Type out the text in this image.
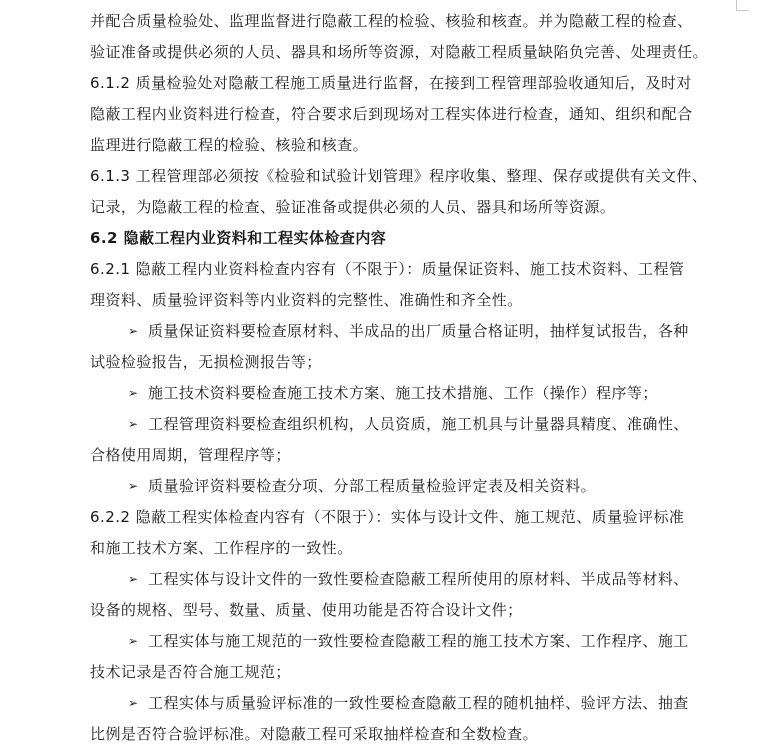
并配合质量检验处、监理监督进行隐蔽工程的检验、核验和核查。并为隐蔽工程的检查、
验证准备或提供必须的人员、器具和场所等资源，对隐蔽工程质量缺陷负完善、处理责任。
6.1.2 质量检验处对隐蔽工程施工质量进行监督，在接到工程管理部验收通知后，及时对
隐蔽工程内业资料进行检查，符合要求后到现场对工程实体进行检查，通知、组织和配合
监理进行隐蔽工程的检验、核验和核查。
6.1.3 工程管理部必须按《检验和试验计划管理》程序收集、整理、保存或提供有关文件、
记录，为隐蔽工程的检查、验证准备或提供必须的人员、器具和场所等资源。
6.2 隐蔽工程内业资料和工程实体检查内容
6.2.1 隐蔽工程内业资料检查内容有（不限于）：质量保证资料、施工技术资料、工程管
理资料、质量验评资料等内业资料的完整性、准确性和齐全性。
➢ 质量保证资料要检查原材料、半成品的出厂质量合格证明，抽样复试报告，各种
试验检验报告，无损检测报告等；
➢ 施工技术资料要检查施工技术方案、施工技术措施、工作（操作）程序等；
➢ 工程管理资料要检查组织机构，人员资质，施工机具与计量器具精度、准确性、
合格使用周期，管理程序等；
➢ 质量验评资料要检查分项、分部工程质量检验评定表及相关资料。
6.2.2 隐蔽工程实体检查内容有（不限于）：实体与设计文件、施工规范、质量验评标准
和施工技术方案、工作程序的一致性。
➢ 工程实体与设计文件的一致性要检查隐蔽工程所使用的原材料、半成品等材料、
设备的规格、型号、数量、质量、使用功能是否符合设计文件；
➢ 工程实体与施工规范的一致性要检查隐蔽工程的施工技术方案、工作程序、施工
技术记录是否符合施工规范；
➢ 工程实体与质量验评标准的一致性要检查隐蔽工程的随机抽样、验评方法、抽查
比例是否符合验评标准。对隐蔽工程可采取抽样检查和全数检查。
